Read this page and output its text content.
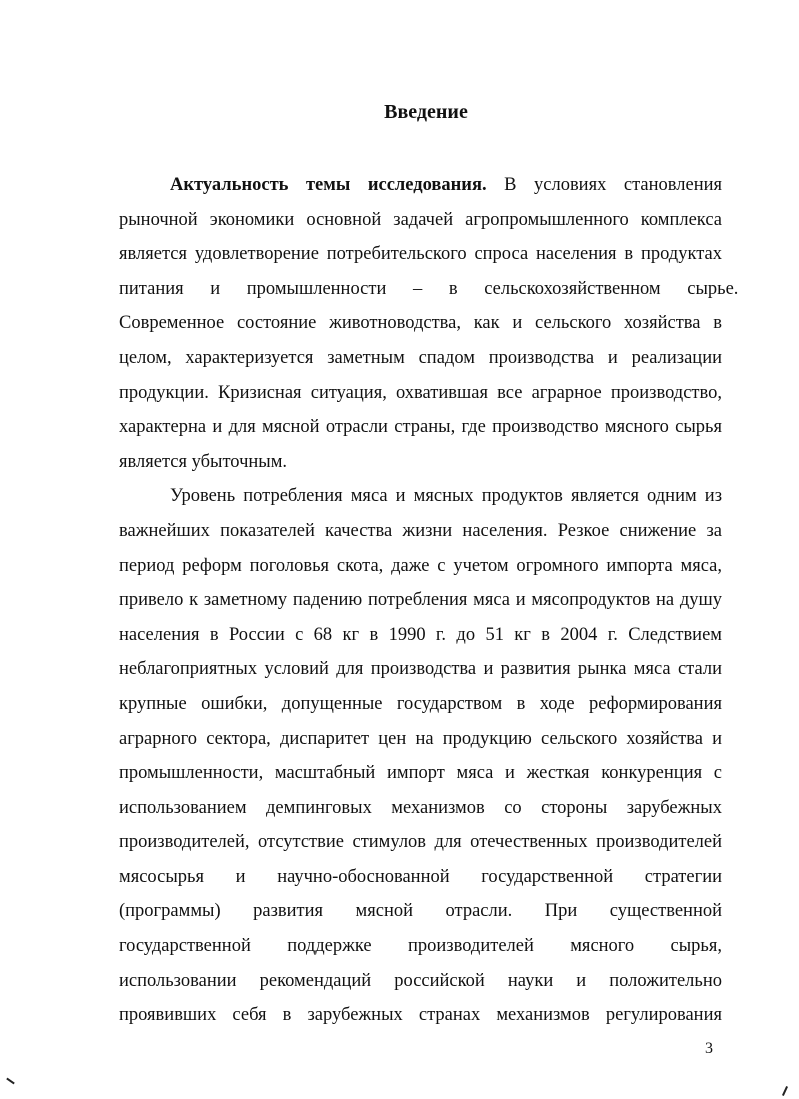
Введение
Актуальность темы исследования. В условиях становления
рыночной экономики основной задачей агропромышленного комплекса
является удовлетворение потребительского спроса населения в продуктах
питания и промышленности – в сельскохозяйственном сырье.
Современное состояние животноводства, как и сельского хозяйства в
целом, характеризуется заметным спадом производства и реализации
продукции. Кризисная ситуация, охватившая все аграрное производство,
характерна и для мясной отрасли страны, где производство мясного сырья
является убыточным.
Уровень потребления мяса и мясных продуктов является одним из
важнейших показателей качества жизни населения. Резкое снижение за
период реформ поголовья скота, даже с учетом огромного импорта мяса,
привело к заметному падению потребления мяса и мясопродуктов на душу
населения в России с 68 кг в 1990 г. до 51 кг в 2004 г. Следствием
неблагоприятных условий для производства и развития рынка мяса стали
крупные ошибки, допущенные государством в ходе реформирования
аграрного сектора, диспаритет цен на продукцию сельского хозяйства и
промышленности, масштабный импорт мяса и жесткая конкуренция с
использованием демпинговых механизмов со стороны зарубежных
производителей, отсутствие стимулов для отечественных производителей
мясосырья и научно-обоснованной государственной стратегии
(программы) развития мясной отрасли. При существенной
государственной поддержке производителей мясного сырья,
использовании рекомендаций российской науки и положительно
проявивших себя в зарубежных странах механизмов регулирования
3
